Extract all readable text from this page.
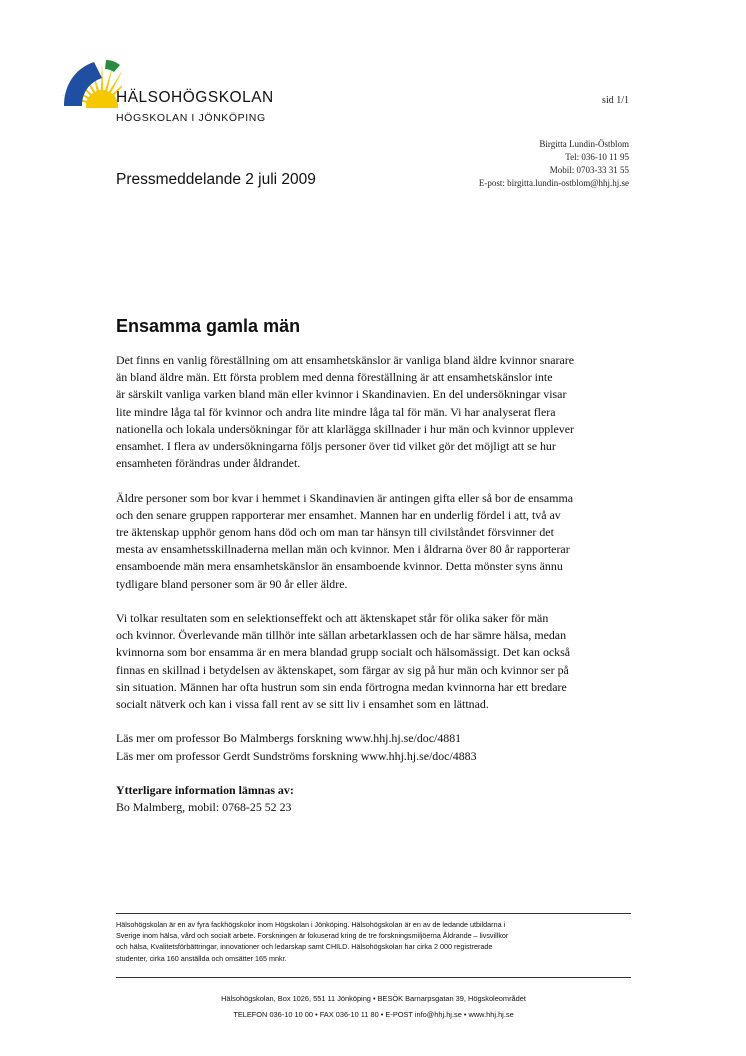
HÄLSOHÖGSKOLAN
HÖGSKOLAN I JÖNKÖPING
sid 1/1
Birgitta Lundin-Östblom
Tel: 036-10 11 95
Mobil: 0703-33 31 55
E-post: birgitta.lundin-ostblom@hhj.hj.se
Pressmeddelande 2 juli 2009
Ensamma gamla män
Det finns en vanlig föreställning om att ensamhetskänslor är vanliga bland äldre kvinnor snarare
än bland äldre män. Ett första problem med denna föreställning är att ensamhetskänslor inte
är särskilt vanliga varken bland män eller kvinnor i Skandinavien. En del undersökningar visar
lite mindre låga tal för kvinnor och andra lite mindre låga tal för män. Vi har analyserat flera
nationella och lokala undersökningar för att klarlägga skillnader i hur män och kvinnor upplever
ensamhet. I flera av undersökningarna följs personer över tid vilket gör det möjligt att se hur
ensamheten förändras under åldrandet.
Äldre personer som bor kvar i hemmet i Skandinavien är antingen gifta eller så bor de ensamma
och den senare gruppen rapporterar mer ensamhet. Mannen har en underlig fördel i att, två av
tre äktenskap upphör genom hans död och om man tar hänsyn till civilståndet försvinner det
mesta av ensamhetsskillnaderna mellan män och kvinnor. Men i åldrarna över 80 år rapporterar
ensamboende män mera ensamhetskänslor än ensamboende kvinnor. Detta mönster syns ännu
tydligare bland personer som är 90 år eller äldre.
Vi tolkar resultaten som en selektionseffekt och att äktenskapet står för olika saker för män
och kvinnor. Överlevande män tillhör inte sällan arbetarklassen och de har sämre hälsa, medan
kvinnorna som bor ensamma är en mera blandad grupp socialt och hälsomässigt. Det kan också
finnas en skillnad i betydelsen av äktenskapet, som färgar av sig på hur män och kvinnor ser på
sin situation. Männen har ofta hustrun som sin enda förtrogna medan kvinnorna har ett bredare
socialt nätverk och kan i vissa fall rent av se sitt liv i ensamhet som en lättnad.
Läs mer om professor Bo Malmbergs forskning www.hhj.hj.se/doc/4881
Läs mer om professor Gerdt Sundströms forskning www.hhj.hj.se/doc/4883
Ytterligare information lämnas av:
Bo Malmberg, mobil: 0768-25 52 23
Hälsohögskolan är en av fyra fackhögskolor inom Högskolan i Jönköping. Hälsohögskolan är en av de ledande utbildarna i
Sverige inom hälsa, vård och socialt arbete. Forskningen är fokuserad kring de tre forskningsmiljöerna Åldrande – livsvillkor
och hälsa, Kvalitetsförbättringar, innovationer och ledarskap samt CHILD. Hälsohögskolan har cirka 2 000 registrerade
studenter, cirka 160 anställda och omsätter 165 mnkr.
Hälsohögskolan, Box 1026, 551 11 Jönköping • BESÖK Barnarpsgatan 39, Högskoleområdet
TELEFON 036-10 10 00 • FAX 036-10 11 80 • E-POST info@hhj.hj.se • www.hhj.hj.se
